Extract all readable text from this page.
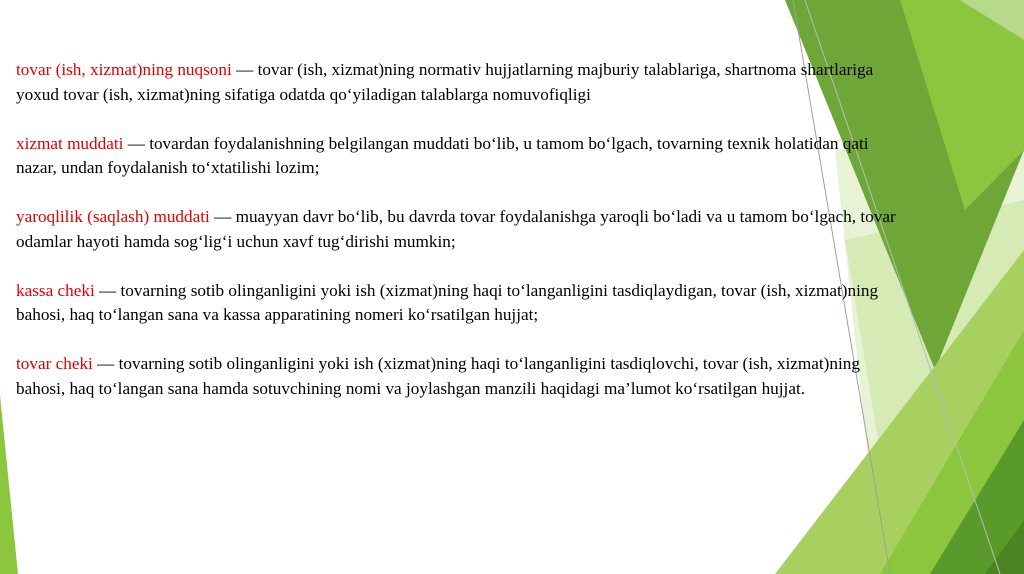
tovar (ish, xizmat)ning nuqsoni — tovar (ish, xizmat)ning normativ hujjatlarning majburiy talablariga, shartnoma shartlariga yoxud tovar (ish, xizmat)ning sifatiga odatda qo‘yiladigan talablarga nomuvofiqligi

xizmat muddati — tovardan foydalanishning belgilangan muddati bo‘lib, u tamom bo‘lgach, tovarning texnik holatidan qati nazar, undan foydalanish to‘xtatilishi lozim;

yaroqlilik (saqlash) muddati — muayyan davr bo‘lib, bu davrda tovar foydalanishga yaroqli bo‘ladi va u tamom bo‘lgach, tovar odamlar hayoti hamda sog‘lig‘i uchun xavf tug‘dirishi mumkin;

kassa cheki — tovarning sotib olinganligini yoki ish (xizmat)ning haqi to‘langanligini tasdiqlaydigan, tovar (ish, xizmat)ning bahosi, haq to‘langan sana va kassa apparatining nomeri ko‘rsatilgan hujjat;

tovar cheki — tovarning sotib olinganligini yoki ish (xizmat)ning haqi to‘langanligini tasdiqlovchi, tovar (ish, xizmat)ning bahosi, haq to‘langan sana hamda sotuvchining nomi va joylashgan manzili haqidagi ma’lumot ko‘rsatilgan hujjat.
